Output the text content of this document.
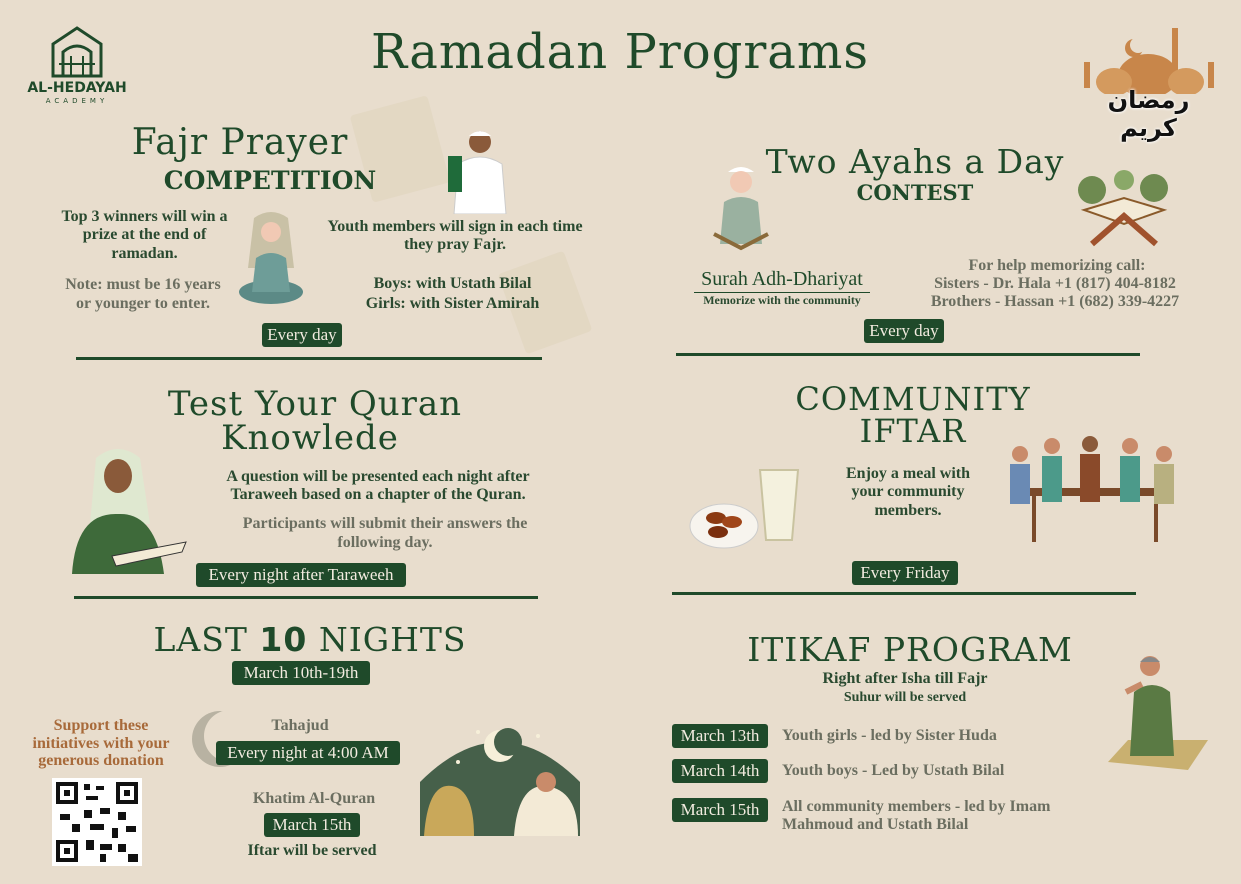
AL-HEDAYAH
ACADEMY
Ramadan Programs
رمضان كريم
Fajr Prayer
COMPETITION
Top 3 winners will win a prize at the end of ramadan.
Note: must be 16 years or younger to enter.
Youth members will sign in each time they pray Fajr.
Boys: with Ustath Bilal
Girls: with Sister Amirah
Every day
Two Ayahs a Day
CONTEST
Surah Adh-Dhariyat
Memorize with the community
For help memorizing call:
Sisters - Dr. Hala +1 (817) 404-8182
Brothers - Hassan +1 (682) 339-4227
Every day
Test Your Quran
Knowlede
A question will be presented each night after Taraweeh based on a chapter of the Quran.
Participants will submit their answers the following day.
Every night after Taraweeh
COMMUNITY
IFTAR
Enjoy a meal with your community members.
Every Friday
LAST 10 NIGHTS
March 10th-19th
Support these initiatives with your generous donation
Tahajud
Every night at 4:00 AM
Khatim Al-Quran
March 15th
Iftar will be served
ITIKAF PROGRAM
Right after Isha till Fajr
Suhur will be served
March 13th	Youth girls - led by Sister Huda
March 14th	Youth boys - Led by Ustath Bilal
March 15th	All community members - led by Imam Mahmoud and Ustath Bilal
